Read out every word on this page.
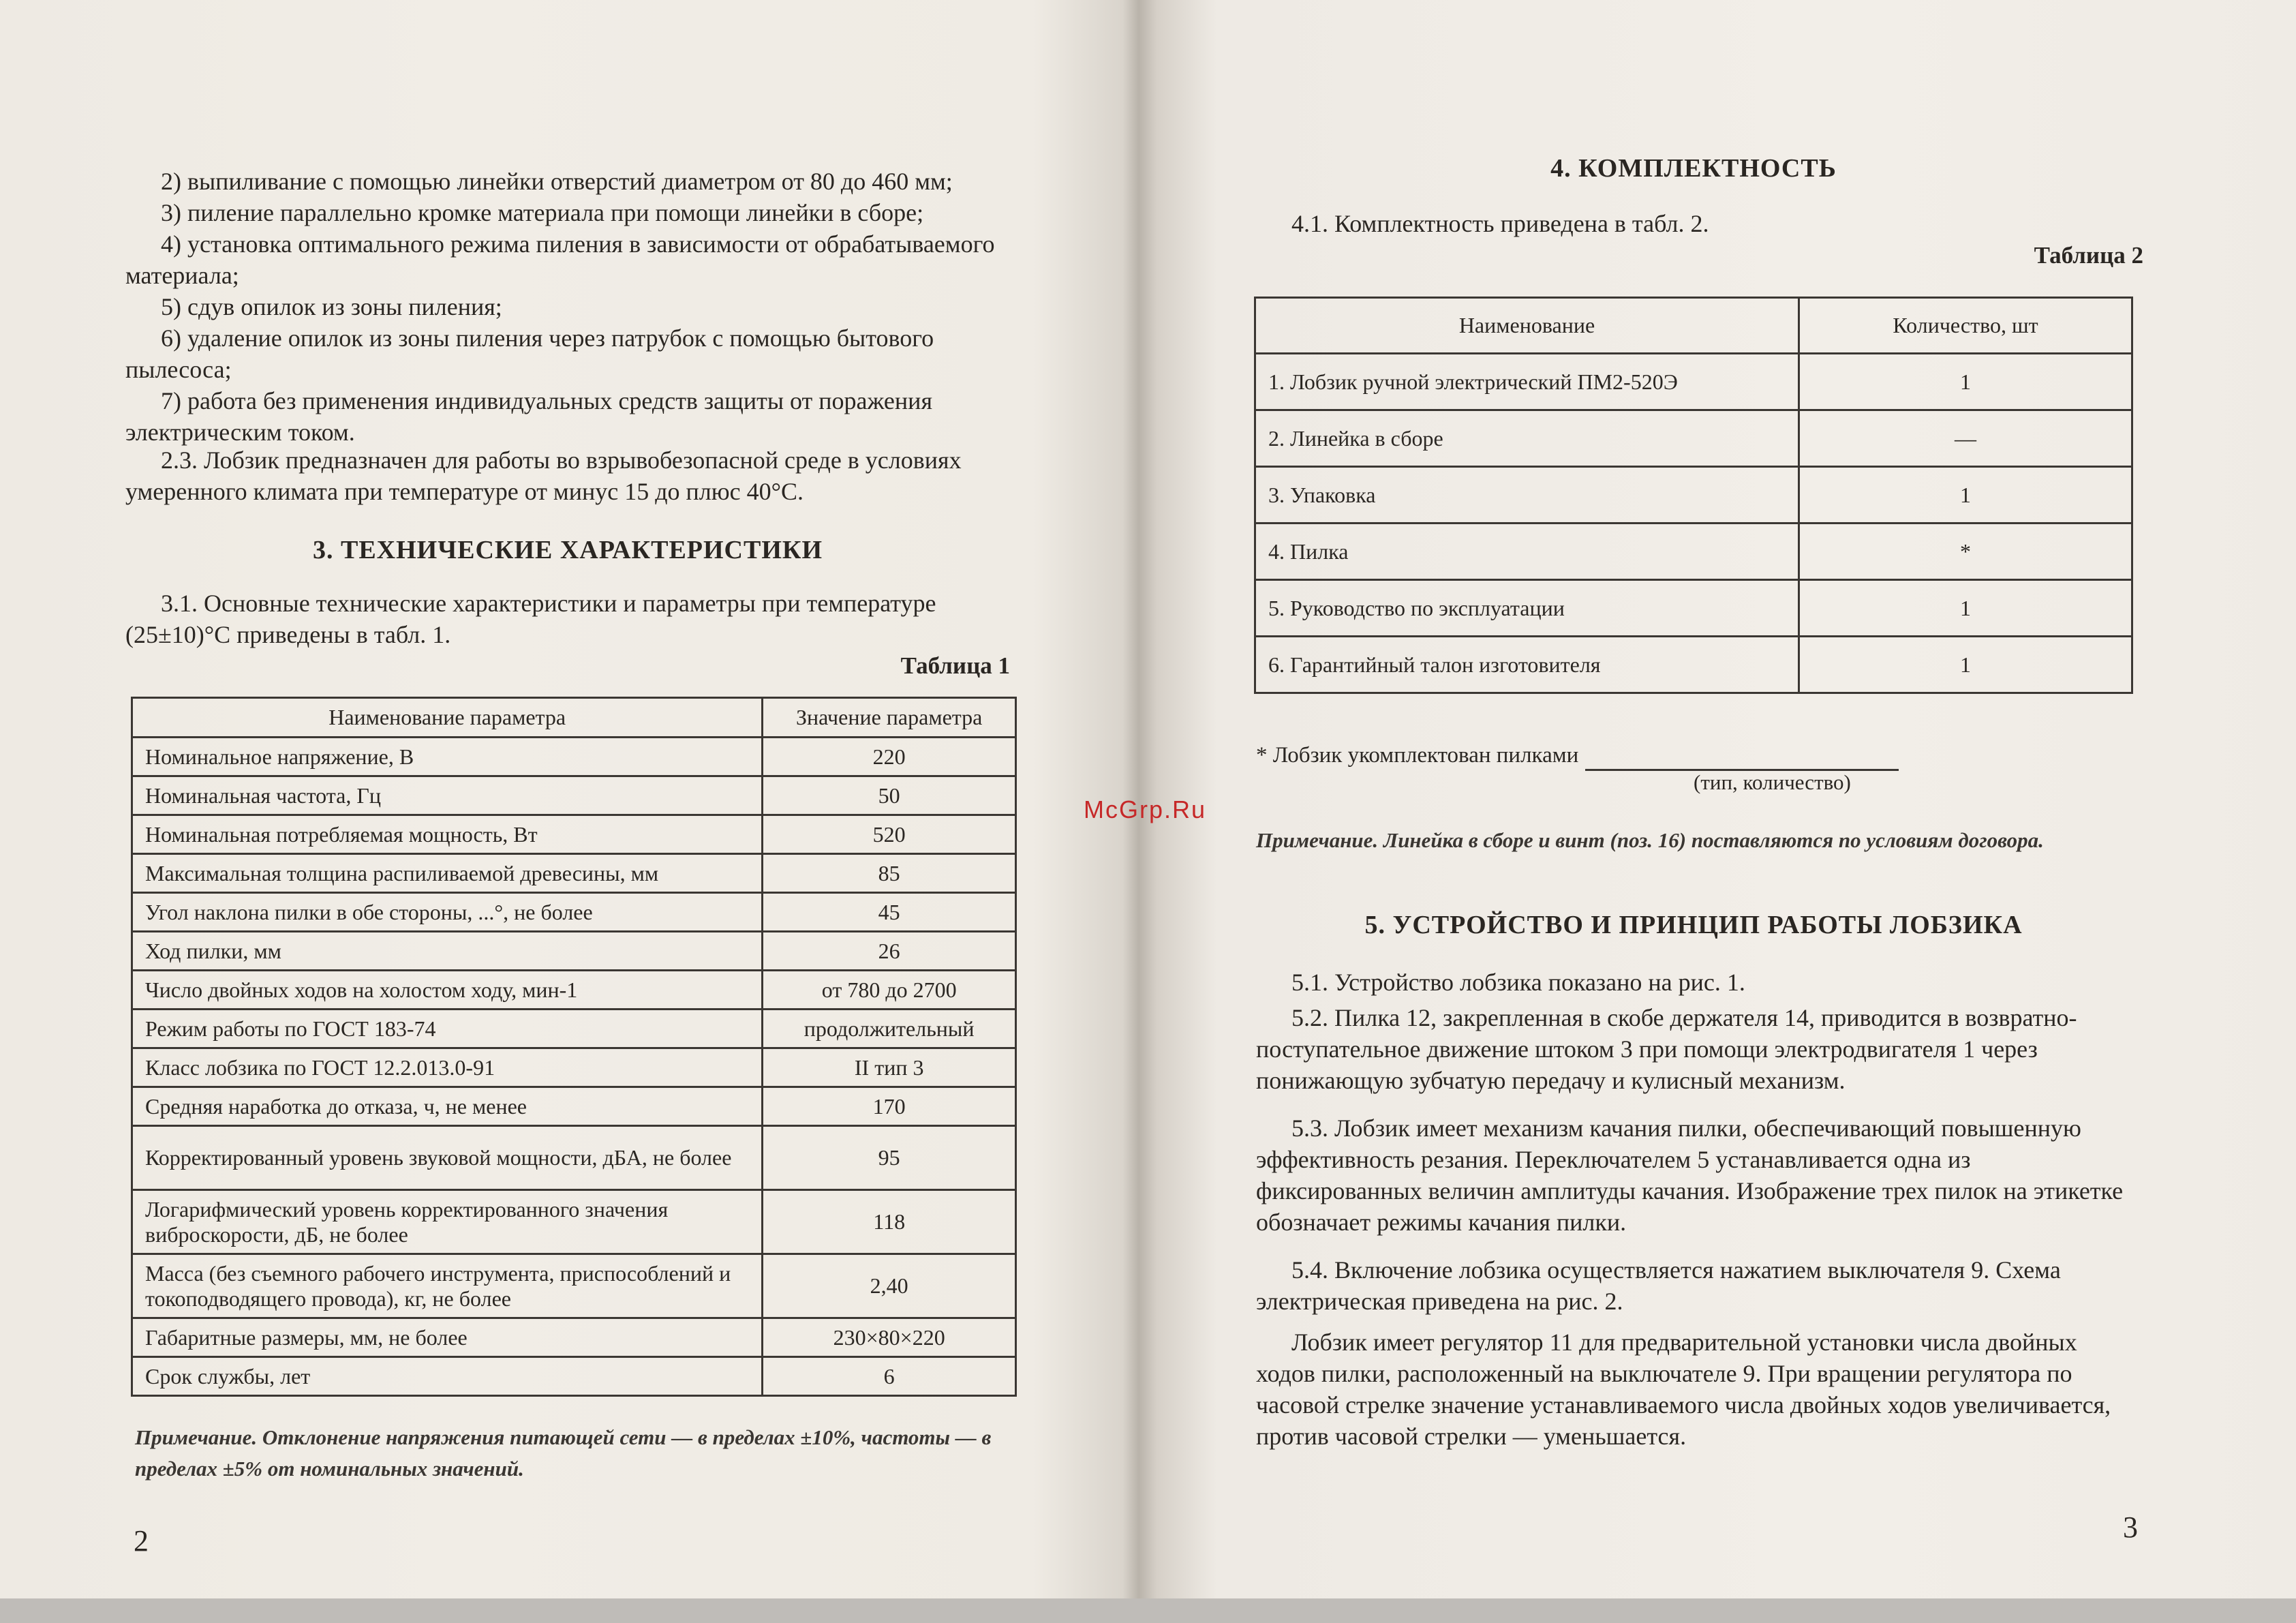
2) выпиливание с помощью линейки отверстий диаметром от 80 до 460 мм;

3) пиление параллельно кромке материала при помощи линейки в сборе;

4) установка оптимального режима пиления в зависимости от обрабатываемого материала;

5) сдув опилок из зоны пиления;

6) удаление опилок из зоны пиления через патрубок с помощью бытового пылесоса;

7) работа без применения индивидуальных средств защиты от поражения электрическим током.

2.3. Лобзик предназначен для работы во взрывобезопасной среде в условиях умеренного климата при температуре от минус 15 до плюс 40°С.

3. ТЕХНИЧЕСКИЕ ХАРАКТЕРИСТИКИ

3.1. Основные технические характеристики и параметры при температуре (25±10)°С приведены в табл. 1.

Таблица 1

Наименование параметра	Значение параметра
Номинальное напряжение, В	220
Номинальная частота, Гц	50
Номинальная потребляемая мощность, Вт	520
Максимальная толщина распиливаемой древесины, мм	85
Угол наклона пилки в обе стороны, ...°, не более	45
Ход пилки, мм	26
Число двойных ходов на холостом ходу, мин-1	от 780 до 2700
Режим работы по ГОСТ 183-74	продолжительный
Класс лобзика по ГОСТ 12.2.013.0-91	II тип 3
Средняя наработка до отказа, ч, не менее	170
Корректированный уровень звуковой мощности, дБА, не более	95
Логарифмический уровень корректированного значения виброскорости, дБ, не более	118
Масса (без съемного рабочего инструмента, приспособлений и токоподводящего провода), кг, не более	2,40
Габаритные размеры, мм, не более	230×80×220
Срок службы, лет	6

Примечание. Отклонение напряжения питающей сети — в пределах ±10%, частоты — в пределах ±5% от номинальных значений.

2
4. КОМПЛЕКТНОСТЬ

4.1. Комплектность приведена в табл. 2.

Таблица 2

Наименование	Количество, шт
1. Лобзик ручной электрический ПМ2-520Э	1
2. Линейка в сборе	—
3. Упаковка	1
4. Пилка	*
5. Руководство по эксплуатации	1
6. Гарантийный талон изготовителя	1

* Лобзик укомплектован пилками

(тип, количество)

Примечание. Линейка в сборе и винт (поз. 16) поставляются по условиям договора.

5. УСТРОЙСТВО И ПРИНЦИП РАБОТЫ ЛОБЗИКА

5.1. Устройство лобзика показано на рис. 1.

5.2. Пилка 12, закрепленная в скобе держателя 14, приводится в возвратно-поступательное движение штоком 3 при помощи электродвигателя 1 через понижающую зубчатую передачу и кулисный механизм.

5.3. Лобзик имеет механизм качания пилки, обеспечивающий повышенную эффективность резания. Переключателем 5 устанавливается одна из фиксированных величин амплитуды качания. Изображение трех пилок на этикетке обозначает режимы качания пилки.

5.4. Включение лобзика осуществляется нажатием выключателя 9. Схема электрическая приведена на рис. 2.

Лобзик имеет регулятор 11 для предварительной установки числа двойных ходов пилки, расположенный на выключателе 9. При вращении регулятора по часовой стрелке значение устанавливаемого числа двойных ходов увеличивается, против часовой стрелки — уменьшается.

3
McGrp.Ru
